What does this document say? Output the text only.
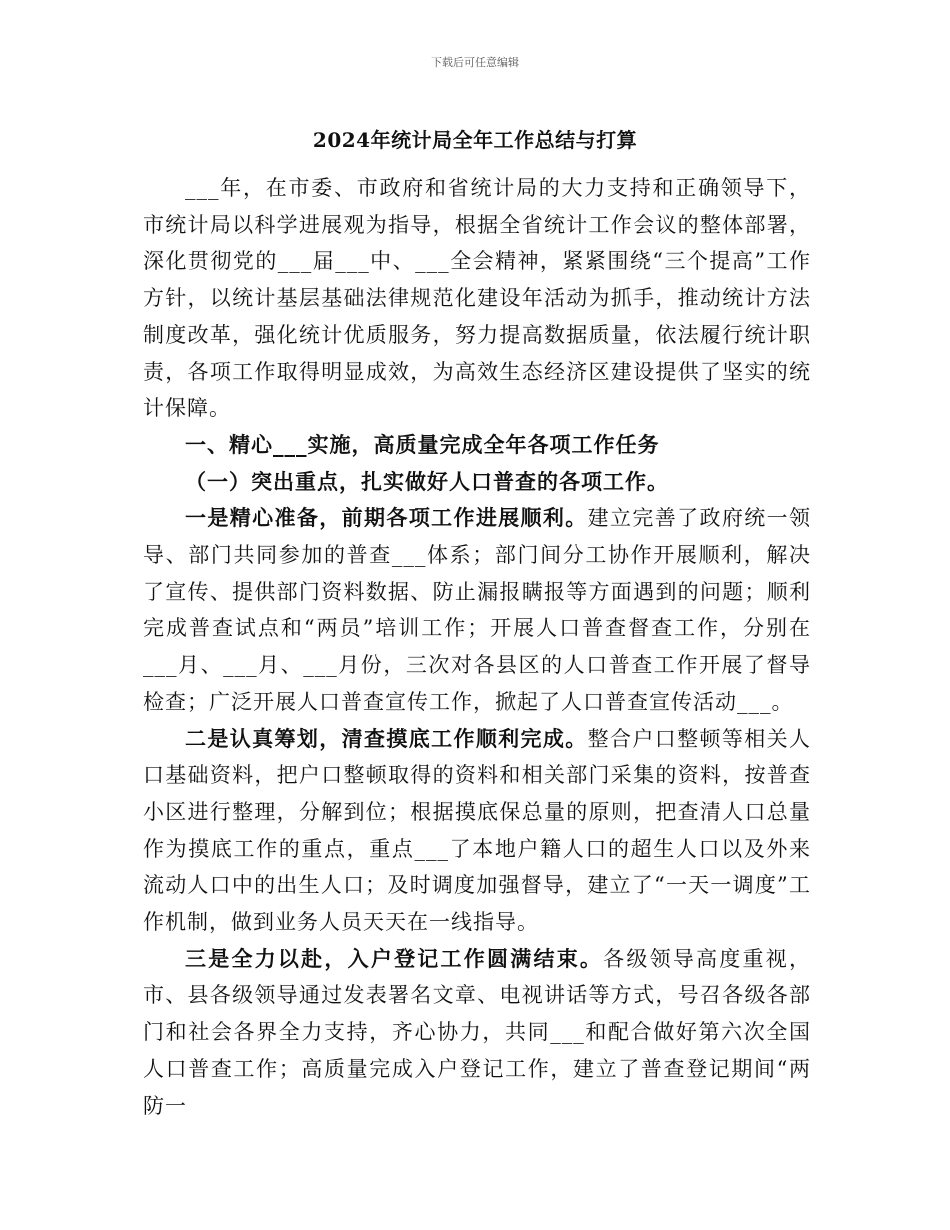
下载后可任意编辑
2024年统计局全年工作总结与打算

___年，在市委、市政府和省统计局的大力支持和正确领导下，市统计局以科学进展观为指导，根据全省统计工作会议的整体部署，深化贯彻党的___届___中、___全会精神，紧紧围绕“三个提高”工作方针，以统计基层基础法律规范化建设年活动为抓手，推动统计方法制度改革，强化统计优质服务，努力提高数据质量，依法履行统计职责，各项工作取得明显成效，为高效生态经济区建设提供了坚实的统计保障。

一、精心___实施，高质量完成全年各项工作任务

（一）突出重点，扎实做好人口普查的各项工作。

一是精心准备，前期各项工作进展顺利。建立完善了政府统一领导、部门共同参加的普查___体系；部门间分工协作开展顺利，解决了宣传、提供部门资料数据、防止漏报瞒报等方面遇到的问题；顺利完成普查试点和“两员”培训工作；开展人口普查督查工作，分别在___月、___月、___月份，三次对各县区的人口普查工作开展了督导检查；广泛开展人口普查宣传工作，掀起了人口普查宣传活动___。

二是认真筹划，清查摸底工作顺利完成。整合户口整顿等相关人口基础资料，把户口整顿取得的资料和相关部门采集的资料，按普查小区进行整理，分解到位；根据摸底保总量的原则，把查清人口总量作为摸底工作的重点，重点___了本地户籍人口的超生人口以及外来流动人口中的出生人口；及时调度加强督导，建立了“一天一调度”工作机制，做到业务人员天天在一线指导。

三是全力以赴，入户登记工作圆满结束。各级领导高度重视，市、县各级领导通过发表署名文章、电视讲话等方式，号召各级各部门和社会各界全力支持，齐心协力，共同___和配合做好第六次全国人口普查工作；高质量完成入户登记工作，建立了普查登记期间“两防一
